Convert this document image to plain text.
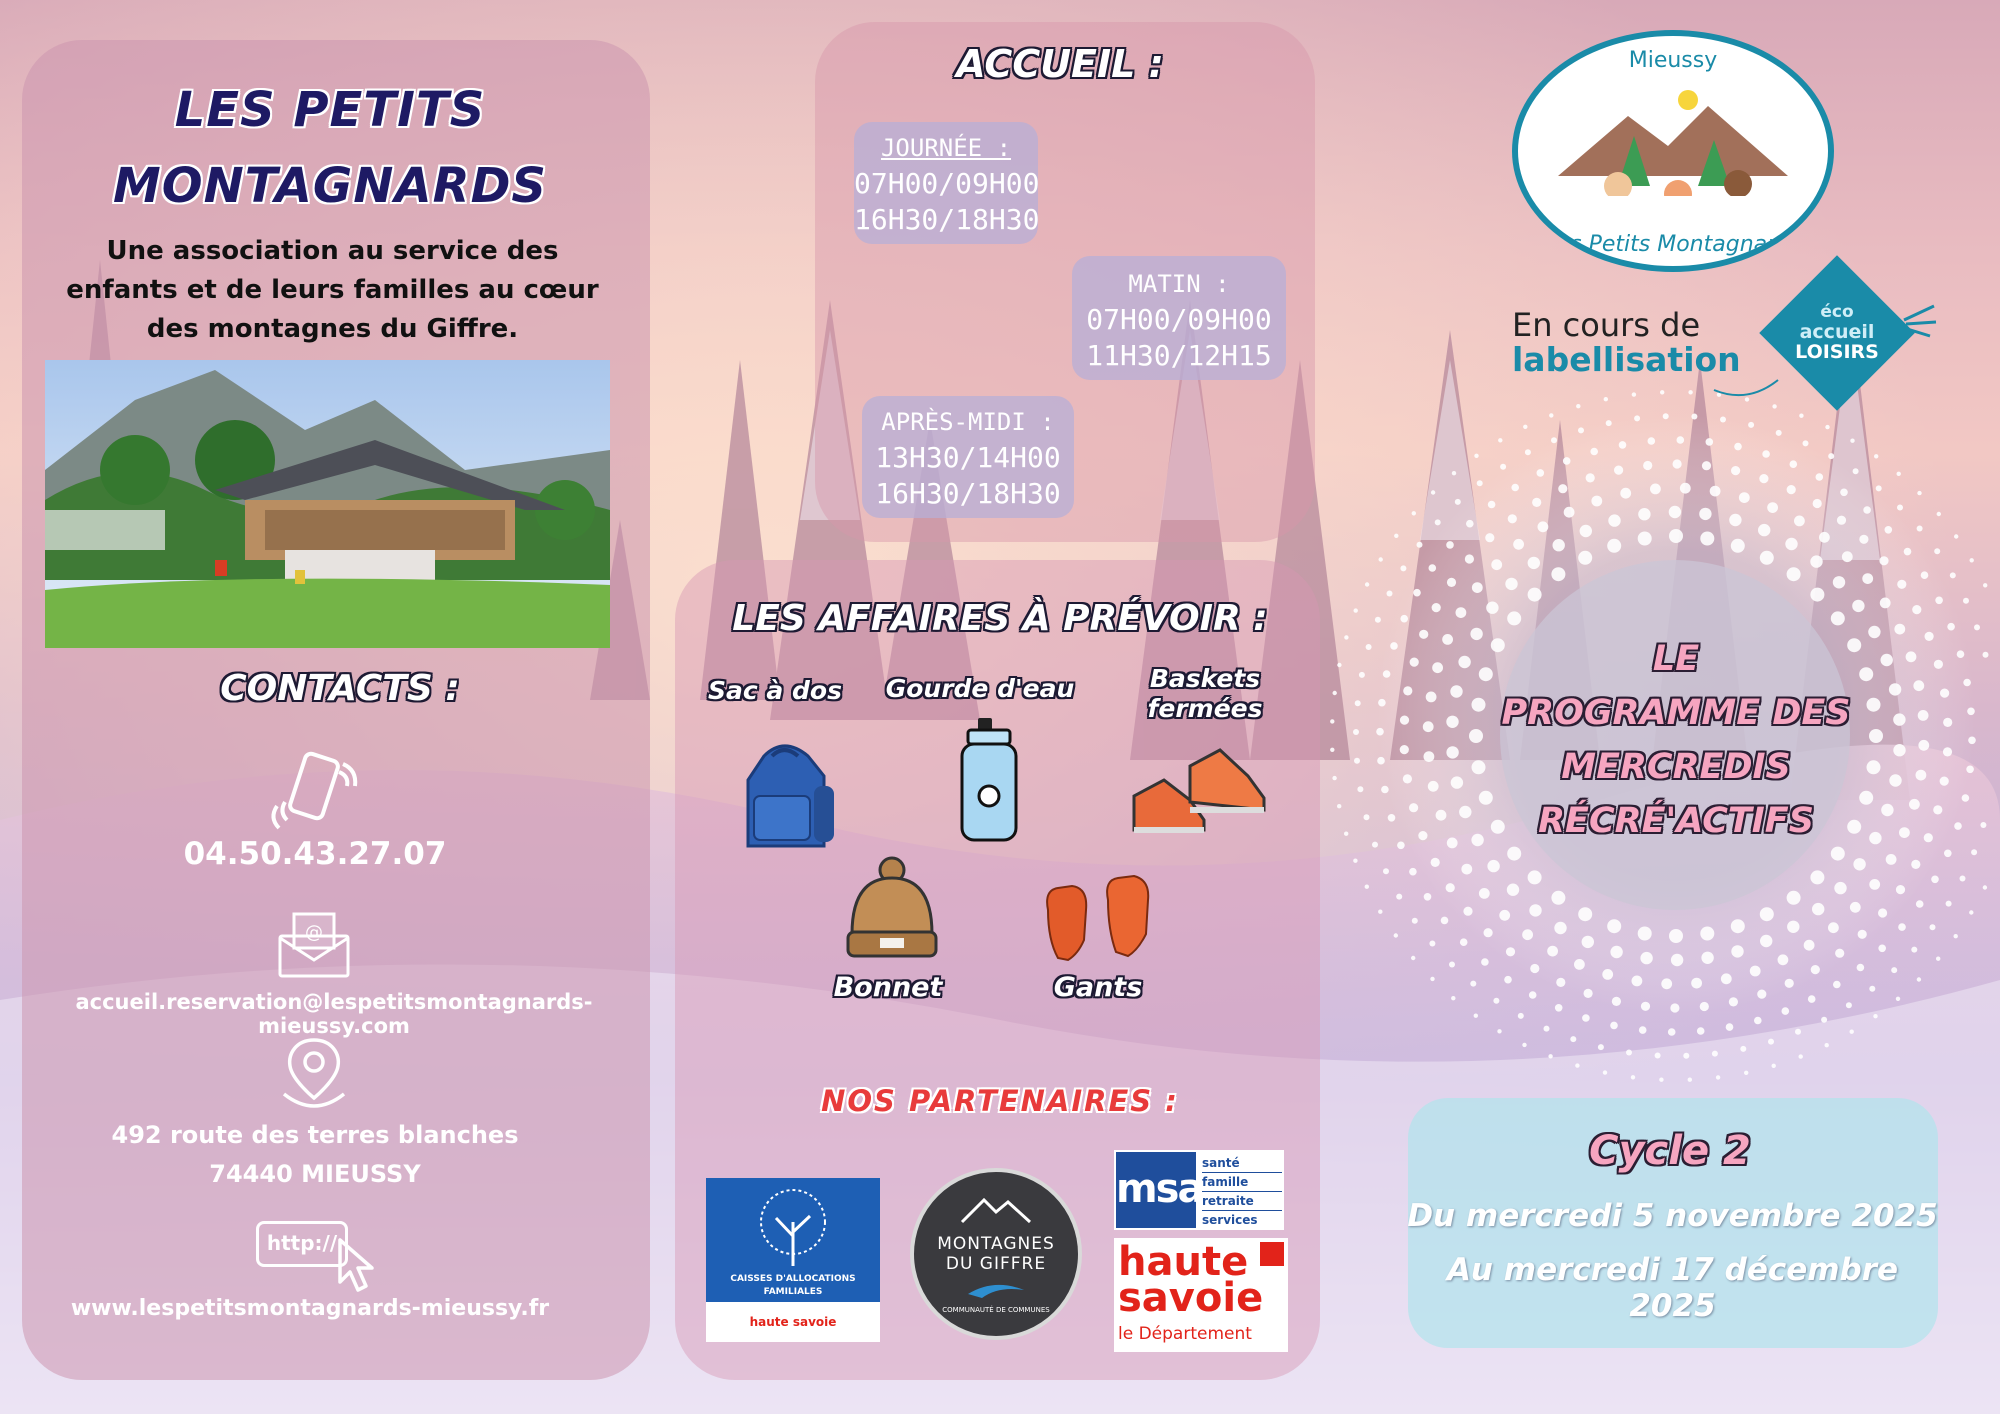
LES PETITS
MONTAGNARDS
Une association au service des enfants et de leurs familles au cœur des montagnes du Giffre.
CONTACTS :
04.50.43.27.07
@
accueil.reservation@lespetitsmontagnards-mieussy.com
492 route des terres blanches
74440 MIEUSSY
http://
www.lespetitsmontagnards-mieussy.fr
ACCUEIL :
JOURNÉE :
07H00/09H00
16H30/18H30
MATIN :
07H00/09H00
11H30/12H15
APRÈS-MIDI :
13H30/14H00
16H30/18H30
LES AFFAIRES À PRÉVOIR :
Sac à dos	Gourde d'eau	Baskets fermées
Bonnet	Gants
NOS PARTENAIRES :
CAISSES D'ALLOCATIONS
FAMILIALES
haute savoie
MONTAGNES
DU GIFFRE
COMMUNAUTÉ DE COMMUNES
msa
santé
famille
retraite
services
haute
savoie
le Département
Mieussy
Les Petits Montagnards
En cours de
labellisation
éco
accueil
LOISIRS
LE
PROGRAMME DES
MERCREDIS
RÉCRÉ'ACTIFS
Cycle 2
Du mercredi 5 novembre 2025
Au mercredi 17 décembre 2025
